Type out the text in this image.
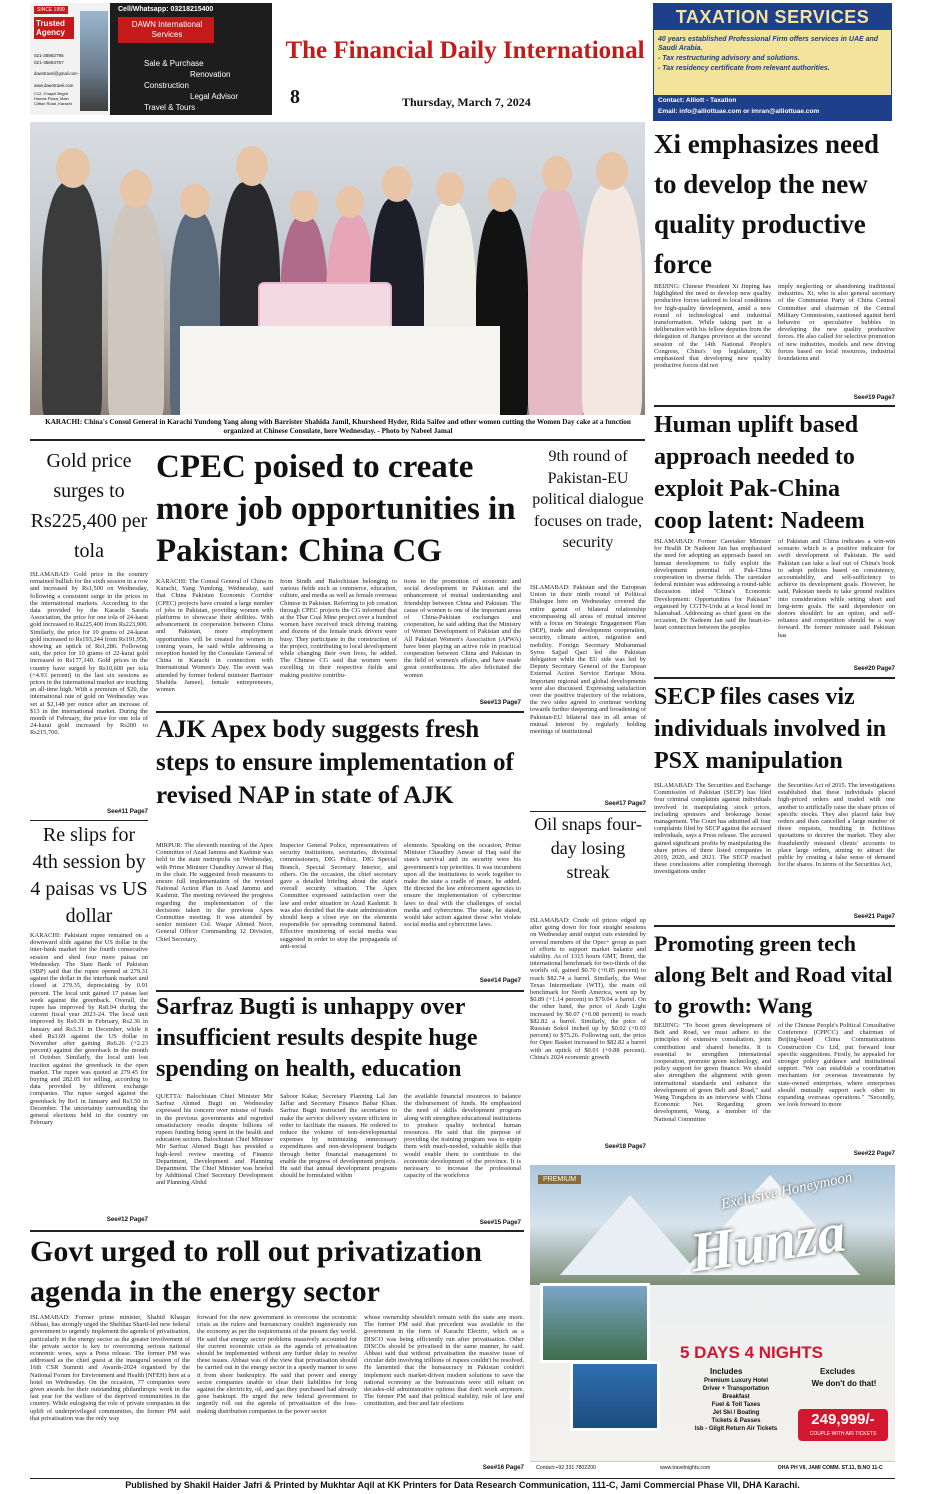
SINCE 1999
Trusted Agency
021-35862795
021-35863757
dawntravel@gmail.com
www.dawntravel.com
C12, Chapel Bright Homes Plaza, Main Clifton Road, Karachi
Cell/Whatsapp: 03218215400
DAWN International Services
Sale & Purchase
Renovation
Construction
Legal Advisor
Travel & Tours
The Financial Daily International
8	Thursday, March 7, 2024
TAXATION SERVICES
40 years established Professional Firm offers services in UAE and Saudi Arabia.
- Tax restructuring advisory and solutions.
- Tax residency certificate from relevant authorities.
Contact: Alliott - Taxation
Email: info@alliottuae.com or imran@alliottuae.com
KARACHI: China's Consul General in Karachi Yundong Yang along with Barrister Shahida Jamil, Khursheed Hyder, Rida Saifee and other women cutting the Women Day cake at a function organized at Chinese Consulate, here Wednesday. - Photo by Nabeel Jamal
Xi emphasizes need to develop the new quality productive force
BEIJING: Chinese President Xi Jinping has highlighted the need to develop new quality productive forces tailored to local conditions for high-quality development, amid a new round of technological and industrial transformation. While taking part in a deliberation with his fellow deputies from the delegation of Jiangsu province at the second session of the 14th National People's Congress, China's top legislature, Xi emphasized that developing new quality productive forces did not
imply neglecting or abandoning traditional industries. Xi, who is also general secretary of the Communist Party of China Central Committee and chairman of the Central Military Commission, cautioned against herd behavior or speculative bubbles in developing the new quality productive forces. He also called for selective promotion of new industries, models and new driving forces based on local resources, industrial foundations and
See#19 Page7
Human uplift based approach needed to exploit Pak-China coop latent: Nadeem
ISLAMABAD: Former Caretaker Minister for Health Dr Nadeem Jan has emphasised the need for adopting an approach based on human development to fully exploit the development potential of Pak-China cooperation in diverse fields. The caretaker federal minister was addressing a round-table discussion titled "China's Economic Development: Opportunities for Pakistan" organised by CGTN-Urdu at a local hotel in Islamabad. Addressing as chief guest on the occasion, Dr Nadeem Jan said the heart-to-heart connection between the peoples
of Pakistan and China indicates a win-win scenario which is a positive indicator for swift development of Pakistan. He said Pakistan can take a leaf out of China's book to adopt policies based on consistency, accountability, and self-sufficiency to achieve its development goals. However, he said, Pakistan needs to take ground realities into consideration while setting short and long-term goals. He said dependence on donors shouldn't be an option, and self-reliance and competition should be a way forward. He former minister said Pakistan has
See#20 Page7
SECP files cases viz individuals involved in PSX manipulation
ISLAMABAD: The Securities and Exchange Commission of Pakistan (SECP) has filed four criminal complaints against individuals involved in manipulating stock prices, including sponsors and brokerage house management. The Court has admitted all four complaints filed by SECP against the accused individuals, says a Press release. The accused gained significant profits by manipulating the share prices of three listed companies in 2019, 2020, and 2021. The SECP reached these conclusions after completing thorough investigations under
the Securities Act of 2015. The investigations established that these individuals placed high-priced orders and traded with one another to artificially raise the share prices of specific stocks. They also placed fake buy orders and then cancelled a large number of those requests, resulting in fictitious quotations to deceive the market. They also fraudulently misused clients' accounts to place large orders, aiming to attract the public by creating a false sense of demand for the shares. In terms of the Securities Act,
See#21 Page7
Promoting green tech along Belt and Road vital to growth: Wang
BEIJING: "To boost green development of Belt and Road, we must adhere to the principles of extensive consultation, joint contribution and shared benefits. It is essential to strengthen international cooperation, promote green technology, and policy support for green finance. We should also strengthen the alignment with green international standards and enhance the development of green Belt and Road," said Wang Tongzhou in an interview with China Economic Net. Regarding green development, Wang, a member of the National Committee
of the Chinese People's Political Consultative Conference (CPPCC) and chairman of Beijing-based China Communications Construction Co Ltd, put forward four specific suggestions. Firstly, he appealed for stronger policy guidance and institutional support. "We can establish a coordination mechanism for overseas investments by state-owned enterprises, where enterprises should mutually support each other in expanding overseas operations." "Secondly, we look forward to more
See#22 Page7
Gold price surges to Rs225,400 per tola
ISLAMABAD: Gold price in the country remained bullish for the sixth session in a row and increased by Rs1,500 on Wednesday, following a consistent surge in the prices in the international markets. According to the data provided by the Karachi Sarafa Association, the price for one tola of 24-karat gold increased to Rs225,400 from Rs223,900. Similarly, the price for 10 grams of 24-karat gold increased to Rs193,244 from Rs191,958, showing an uptick of Rs1,286. Following suit, the price for 10 grams of 22-karat gold increased to Rs177,140. Gold prices in the country have surged by Rs10,600 per tola (+4.93 percent) in the last six sessions as prices in the international market are touching an all-time high. With a premium of $20, the international rate of gold on Wednesday was set at $2,148 per ounce after an increase of $13 in the international market. During the month of February, the price for one tola of 24-karat gold increased by Rs200 to Rs215,700.
See#11 Page7
Re slips for 4th session by 4 paisas vs US dollar
KARACHI: Pakistani rupee remained on a downward slide against the US dollar in the inter-bank market for the fourth consecutive session and shed four more paisas on Wednesday. The State Bank of Pakistan (SBP) said that the rupee opened at 279.31 against the dollar in the interbank market and closed at 279.35, depreciating by 0.01 percent. The local unit gained 17 paisas last week against the greenback. Overall, the rupee has improved by Rs8.94 during the current fiscal year 2023-24. The local unit improved by Rs0.39 in February, Rs2.36 in January and Rs3.31 in December, while it shed Rs3.69 against the US dollar in November after gaining Rs6.26 (+2.23 percent) against the greenback in the month of October. Similarly, the local unit lost traction against the greenback in the open market. The rupee was quoted at 279.45 for buying and 282.05 for selling, according to data provided by different exchange companies. The rupee surged against the greenback by Re1 in January and Rs3.50 in December. The uncertainty surrounding the general elections held in the country on February
See#12 Page7
CPEC poised to create more job opportunities in Pakistan: China CG
KARACHI: The Consul General of China in Karachi, Yang Yundong, Wednesday, said that China Pakistan Economic Corridor (CPEC) projects have created a large number of jobs in Pakistan, providing women with platforms to showcase their abilities. With advancement in cooperation between China and Pakistan, more employment opportunities will be created for women in coming years, he said while addressing a reception hosted by the Consulate General of China in Karachi in connection with International Women's Day. The event was attended by former federal minister Barrister Shahida Jameel, female entrepreneurs, women
from Sindh and Balochistan belonging to various fields such as commerce, education, culture, and media as well as female overseas Chinese in Pakistan. Referring to job creation through CPEC projects the CG informed that at the Thar Coal Mine project over a hundred women have received truck driving training and dozens of the female truck drivers were busy. They participate in the construction of the project, contributing to local development while changing their own lives, he added. The Chinese CG said that women were excelling in their respective fields and making positive contribu-
tions to the promotion of economic and social development in Pakistan and the enhancement of mutual understanding and friendship between China and Pakistan. The cause of women is one of the important areas of China-Pakistan exchanges and cooperation, he said adding that the Ministry of Women Development of Pakistan and the All Pakistan Women's Association (APWA) have been playing an active role in practical cooperation between China and Pakistan in the field of women's affairs, and have made great contributions. He also felicitated the women
See#13 Page7
AJK Apex body suggests fresh steps to ensure implementation of revised NAP in state of AJK
MIRPUR: The eleventh meeting of the Apex Committee of Azad Jammu and Kashmir was held in the state metropolis on Wednesday, with Prime Minister Chaudhry Anwar ul Haq in the chair. He suggested fresh measures to ensure full implementation of the revised National Action Plan in Azad Jammu and Kashmir. The meeting reviewed the progress regarding the implementation of the decisions taken in the previous Apex Committee meeting. It was attended by senior minister Col. Waqar Ahmed Noor, General Officer Commanding 12 Division, Chief Secretary,
Inspector General Police, representatives of security institutions, secretaries, divisional commissioners, DIG Police, DIG Special Branch, Special Secretary Interior, and others. On the occasion, the chief secretary gave a detailed briefing about the state's overall security situation. The Apex Committee expressed satisfaction over the law and order situation in Azad Kashmir. It was also decided that the state administration should keep a close eye on the elements responsible for spreading communal hatred. Effective monitoring of social media was suggested in order to stop the propaganda of anti-social
elements. Speaking on the occasion, Prime Minister Chaudhry Anwar ul Haq said the state's survival and its security were his government's top priorities. It was incumbent upon all the institutions to work together to make the state a cradle of peace, he added. He directed the law enforcement agencies to ensure the implementation of cybercrime laws to deal with the challenges of social media and cybercrime. The state, he stated, would take action against those who violate social media and cybercrime laws.
See#14 Page7
Sarfraz Bugti is unhappy over insufficient results despite huge spending on health, education
QUETTA: Balochistan Chief Minister Mir Sarfraz Ahmed Bugti on Wednesday expressed his concern over misuse of funds in the previous governments and regretted unsatisfactory results despite billions of rupees funding being spent in the health and education sectors. Balochistan Chief Minister Mir Sarfraz Ahmed Bugti has presided a high-level review meeting of Finance Department, Development and Planning Department. The Chief Minister was briefed by Additional Chief Secretary Development and Planning Abdul
Saboor Kakar, Secretary Planning Lal Jan Jaffar and Secretary Finance Babar Khan. Sarfraz Bugti instructed the secretaries to make the service delivery system efficient in order to facilitate the masses. He ordered to reduce the volume of non-developmental expenses by minimizing unnecessary expenditures and non-development budgets through better financial management to enable the progress of development projects. He said that annual development programs should be formulated within
the available financial resources to balance the disbursement of funds. He emphasized the need of skills development program along with strengthen educational institutions to produce quality technical human resources. He said that the purpose of providing the training program was to equip them with much-needed, valuable skills that would enable them to contribute to the economic development of the province. It is necessary to increase the professional capacity of the workforce
See#15 Page7
9th round of Pakistan-EU political dialogue focuses on trade, security
ISLAMABAD: Pakistan and the European Union in their ninth round of Political Dialogue here on Wednesday covered the entire gamut of bilateral relationship encompassing all areas of mutual interest with a focus on Strategic Engagement Plan (SEP), trade and development cooperation, security, climate action, migration and mobility. Foreign Secretary Muhammad Syrus Sajjad Qazi led the Pakistan delegation while the EU side was led by Deputy Secretary General of the European External Action Service Enrique Mora. Important regional and global developments were also discussed. Expressing satisfaction over the positive trajectory of the relations, the two sides agreed to continue working towards further deepening and broadening of Pakistan-EU bilateral ties in all areas of mutual interest by regularly holding meetings of institutional
See#17 Page7
Oil snaps four-day losing streak
ISLAMABAD: Crude oil prices edged up after going down for four straight sessions on Wednesday amid output cuts extended by several members of the Opec+ group as part of efforts to support market balance and stability. As of 1315 hours GMT, Brent, the international benchmark for two-thirds of the world's oil, gained $0.70 (+0.85 percent) to reach $82.74 a barrel. Similarly, the West Texas Intermediate (WTI), the main oil benchmark for North America, went up by $0.89 (+1.14 percent) to $79.04 a barrel. On the other hand, the price of Arab Light increased by $0.07 (+0.08 percent) to reach $82.82 a barrel. Similarly, the price of Russian Sokol inched up by $0.02 (+0.03 percent) to $75.26. Following suit, the price for Opec Basket increased to $82.82 a barrel with an uptick of $0.01 (+0.88 percent). China's 2024 economic growth
See#18 Page7
Exclusive Honeymoon
Hunza
PREMIUM
5 DAYS 4 NIGHTS
Includes
Premium Luxury Hotel
Driver + Transportation
Breakfast
Fuel & Toll Taxes
Jet Ski / Boating
Tickets & Passes
Isb - Gilgit Return Air Tickets
Excludes
We don't do that!
249,999/-
COUPLE WITH AIR TICKETS
Contact:+92 331 7802200	www.travelnights.com	DHA PH VII, JAMI COMM. ST.11, B.NO 11-C
Govt urged to roll out privatization agenda in the energy sector
ISLAMABAD: Former prime minister, Shahid Khaqan Abbasi, has strongly urged the Shehbaz Sharif-led new federal government to urgently implement the agenda of privatisation, particularly in the energy sector as the greater involvement of the private sector is key to overcoming serious national economic woes, says a Press release. The former PM was addressed as the chief guest at the inaugural session of the 16th CSR Summit and Awards-2024 organised by the National Forum for Environment and Health (NFEH) here at a hotel on Wednesday. On the occasion, 77 companies were given awards for their outstanding philanthropic work in the last year for the welfare of the deprived communities in the country. While eulogising the role of private companies in the uplift of underprivileged communities, the former PM said that privatisation was the only way
forward for the new government to overcome the economic crisis as the rulers and bureaucracy couldn't ingeniously run the economy as per the requirements of the present day world. He said that energy sector problems massively accounted for the current economic crisis as the agenda of privatisation should be implemented without any further delay to resolve these issues. Abbasi was of the view that privatisation should be carried out in the energy sector in a speedy manner to save it from sheer bankruptcy. He said that power and energy sector companies unable to clear their liabilities for long against the electricity, oil, and gas they purchased had already gone bankrupt. He urged the new federal government to urgently roll out the agenda of privatisation of the loss-making distribution companies in the power sector
whose ownership shouldn't remain with the state any more. The former PM said that precedent was available to the government in the form of Karachi Electric, which as a DISCO was being efficiently run after privatisation. Other DISCOs should be privatised in the same manner, he said. Abbasi said that without privatisation the massive issue of circular debt involving trillions of rupees couldn't be resolved. He lamented that the bureaucracy in Pakistan couldn't implement such market-driven modern solutions to save the national economy as the bureaucrats were still reliant on decades-old administrative options that don't work anymore. The former PM said that political stability, rule of law and constitution, and free and fair elections
See#16 Page7
Published by Shakil Haider Jafri & Printed by Mukhtar Aqil at KK Printers for Data Research Communication, 111-C, Jami Commercial Phase VII, DHA Karachi.
